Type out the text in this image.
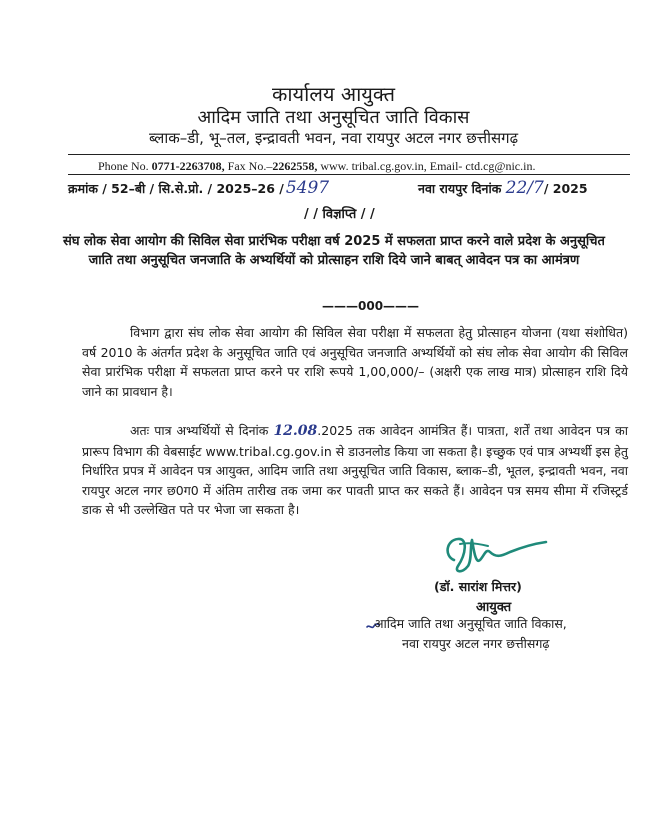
कार्यालय आयुक्त
आदिम जाति तथा अनुसूचित जाति विकास
ब्लाक–डी, भू–तल, इन्द्रावती भवन, नवा रायपुर अटल नगर छत्तीसगढ़
Phone No. 0771-2263708, Fax No.–2262558, www. tribal.cg.gov.in, Email- ctd.cg@nic.in.
क्रमांक / 52–बी / सि.से.प्रो. / 2025–26 / 5497	नवा रायपुर दिनांक 22/7/ 2025
/ / विज्ञप्ति / /
संघ लोक सेवा आयोग की सिविल सेवा प्रारंभिक परीक्षा वर्ष 2025 में सफलता प्राप्त करने वाले प्रदेश के अनुसूचित जाति तथा अनुसूचित जनजाति के अभ्यर्थियों को प्रोत्साहन राशि दिये जाने बाबत् आवेदन पत्र का आमंत्रण
———000———
विभाग द्वारा संघ लोक सेवा आयोग की सिविल सेवा परीक्षा में सफलता हेतु प्रोत्साहन योजना (यथा संशोधित) वर्ष 2010 के अंतर्गत प्रदेश के अनुसूचित जाति एवं अनुसूचित जनजाति अभ्यर्थियों को संघ लोक सेवा आयोग की सिविल सेवा प्रारंभिक परीक्षा में सफलता प्राप्त करने पर राशि रूपये 1,00,000/– (अक्षरी एक लाख मात्र) प्रोत्साहन राशि दिये जाने का प्रावधान है।
अतः पात्र अभ्यर्थियों से दिनांक 12.08.2025 तक आवेदन आमंत्रित हैं। पात्रता, शर्तें तथा आवेदन पत्र का प्रारूप विभाग की वेबसाईट www.tribal.cg.gov.in से डाउनलोड किया जा सकता है। इच्छुक एवं पात्र अभ्यर्थी इस हेतु निर्धारित प्रपत्र में आवेदन पत्र आयुक्त, आदिम जाति तथा अनुसूचित जाति विकास, ब्लाक–डी, भूतल, इन्द्रावती भवन, नवा रायपुर अटल नगर छ0ग0 में अंतिम तारीख तक जमा कर पावती प्राप्त कर सकते हैं। आवेदन पत्र समय सीमा में रजिस्ट्रर्ड डाक से भी उल्लेखित पते पर भेजा जा सकता है।
(डॉ. सारांश मित्तर)
आयुक्त
आदिम जाति तथा अनुसूचित जाति विकास,
नवा रायपुर अटल नगर छत्तीसगढ़
